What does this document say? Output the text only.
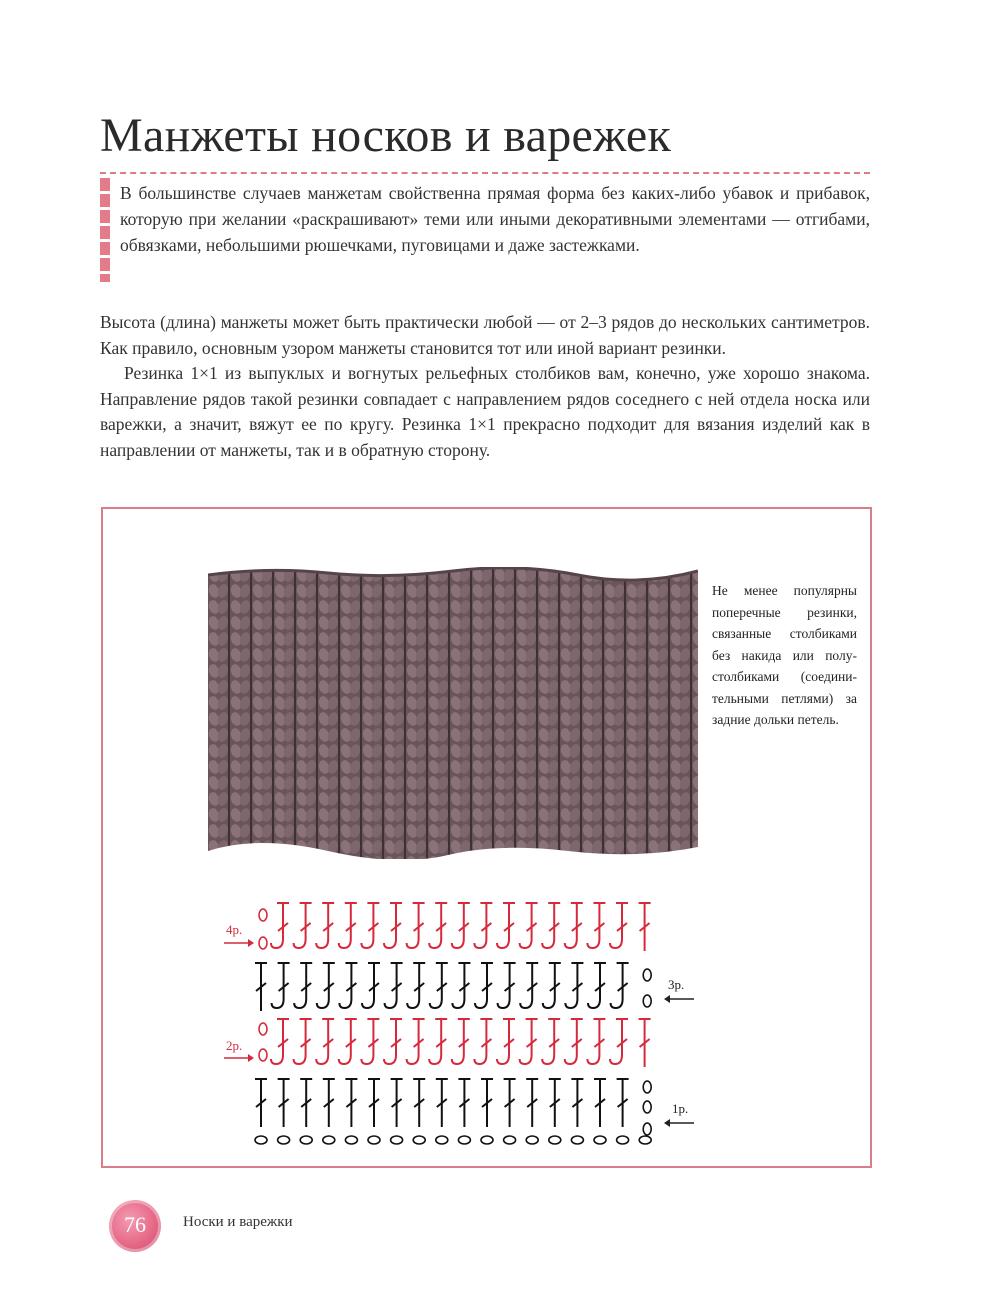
Манжеты носков и варежек

В большинстве случаев манжетам свойственна прямая форма без каких-либо убавок и прибавок, которую при желании «раскрашивают» теми или иными декоративными элементами — отгибами, обвязками, небольшими рюшечками, пуговицами и даже застежками.

Высота (длина) манжеты может быть практически любой — от 2–3 рядов до нескольких сантиметров. Как правило, основным узором манжеты становится тот или иной вариант резинки.

Резинка 1×1 из выпуклых и вогнутых рельефных столбиков вам, конечно, уже хорошо знакома. Направление рядов такой резинки совпадает с направлением рядов соседнего с ней отдела носка или варежки, а значит, вяжут ее по кругу. Резинка 1×1 прекрасно подходит для вязания изделий как в направлении от манжеты, так и в обратную сторону.

Не менее популярны поперечные резинки, связанные столбиками без накида или полустолбиками (соединительными петлями) за задние дольки петель.

4р.
3р.
2р.
1р.
76	Носки и варежки
